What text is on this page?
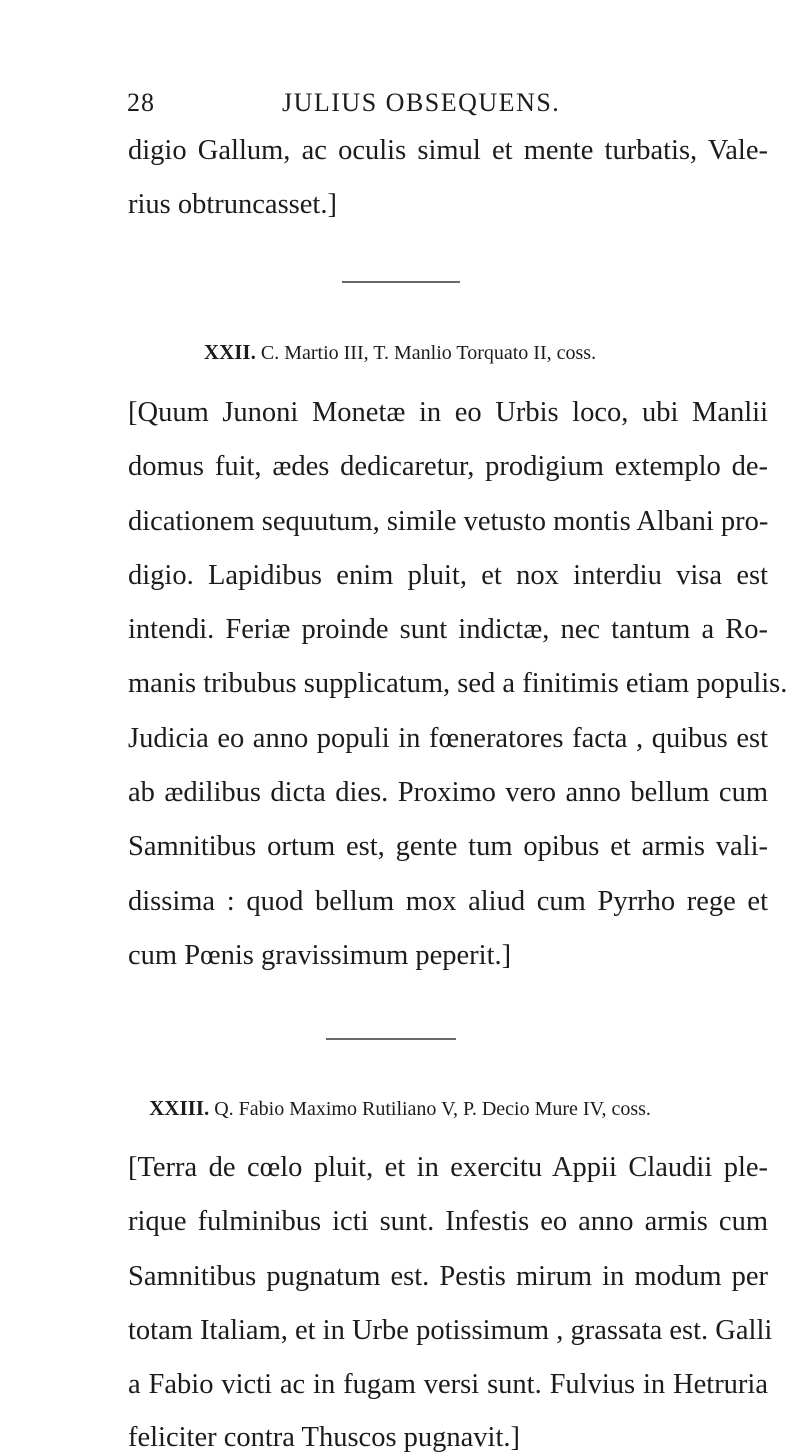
28	JULIUS OBSEQUENS.
digio Gallum, ac oculis simul et mente turbatis, Vale-
rius obtruncasset.]
XXII. C. Martio III, T. Manlio Torquato II, coss.
[Quum Junoni Monetæ in eo Urbis loco, ubi Manlii
domus fuit, ædes dedicaretur, prodigium extemplo de-
dicationem sequutum, simile vetusto montis Albani pro-
digio. Lapidibus enim pluit, et nox interdiu visa est
intendi. Feriæ proinde sunt indictæ, nec tantum a Ro-
manis tribubus supplicatum, sed a finitimis etiam populis.
Judicia eo anno populi in fœneratores facta , quibus est
ab ædilibus dicta dies. Proximo vero anno bellum cum
Samnitibus ortum est, gente tum opibus et armis vali-
dissima : quod bellum mox aliud cum Pyrrho rege et
cum Pœnis gravissimum peperit.]
XXIII. Q. Fabio Maximo Rutiliano V, P. Decio Mure IV, coss.
[Terra de cœlo pluit, et in exercitu Appii Claudii ple-
rique fulminibus icti sunt. Infestis eo anno armis cum
Samnitibus pugnatum est. Pestis mirum in modum per
totam Italiam, et in Urbe potissimum , grassata est. Galli
a Fabio victi ac in fugam versi sunt. Fulvius in Hetruria
feliciter contra Thuscos pugnavit.]
